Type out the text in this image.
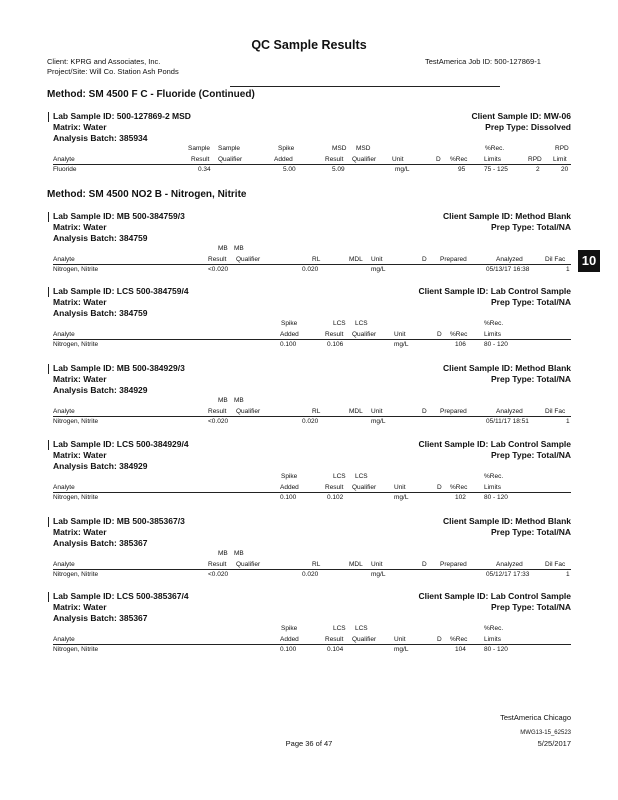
QC Sample Results
Client: KPRG and Associates, Inc.
Project/Site: Will Co. Station Ash Ponds
TestAmerica Job ID: 500-127869-1
10
Method: SM 4500 F C - Fluoride (Continued)
Lab Sample ID: 500-127869-2 MSD
Matrix: Water
Analysis Batch: 385934
Client Sample ID: MW-06
Prep Type: Dissolved
Sample Sample	Spike	MSD MSD	%Rec.	RPD
Analyte	Result Qualifier	Added	Result Qualifier Unit	D %Rec	Limits	RPD Limit
Fluoride	0.34	5.00	5.09	mg/L	95	75 - 125	2	20
Method: SM 4500 NO2 B - Nitrogen, Nitrite
Lab Sample ID: MB 500-384759/3
Matrix: Water
Analysis Batch: 384759
Client Sample ID: Method Blank
Prep Type: Total/NA
MB MB
Analyte	Result Qualifier	RL	MDL Unit	D Prepared	Analyzed	Dil Fac
Nitrogen, Nitrite	<0.020	0.020	mg/L	05/13/17 16:38	1
Lab Sample ID: LCS 500-384759/4
Matrix: Water
Analysis Batch: 384759
Client Sample ID: Lab Control Sample
Prep Type: Total/NA
Spike	LCS LCS	%Rec.
Analyte	Added	Result Qualifier	Unit	D %Rec	Limits
Nitrogen, Nitrite	0.100	0.106	mg/L	106	80 - 120
Lab Sample ID: MB 500-384929/3
Matrix: Water
Analysis Batch: 384929
Client Sample ID: Method Blank
Prep Type: Total/NA
MB MB
Analyte	Result Qualifier	RL	MDL Unit	D Prepared	Analyzed	Dil Fac
Nitrogen, Nitrite	<0.020	0.020	mg/L	05/11/17 18:51	1
Lab Sample ID: LCS 500-384929/4
Matrix: Water
Analysis Batch: 384929
Client Sample ID: Lab Control Sample
Prep Type: Total/NA
Spike	LCS LCS	%Rec.
Analyte	Added	Result Qualifier	Unit	D %Rec	Limits
Nitrogen, Nitrite	0.100	0.102	mg/L	102	80 - 120
Lab Sample ID: MB 500-385367/3
Matrix: Water
Analysis Batch: 385367
Client Sample ID: Method Blank
Prep Type: Total/NA
MB MB
Analyte	Result Qualifier	RL	MDL Unit	D Prepared	Analyzed	Dil Fac
Nitrogen, Nitrite	<0.020	0.020	mg/L	05/12/17 17:33	1
Lab Sample ID: LCS 500-385367/4
Matrix: Water
Analysis Batch: 385367
Client Sample ID: Lab Control Sample
Prep Type: Total/NA
Spike	LCS LCS	%Rec.
Analyte	Added	Result Qualifier	Unit	D %Rec	Limits
Nitrogen, Nitrite	0.100	0.104	mg/L	104	80 - 120
TestAmerica Chicago
MWG13-15_62523
Page 36 of 47	5/25/2017
